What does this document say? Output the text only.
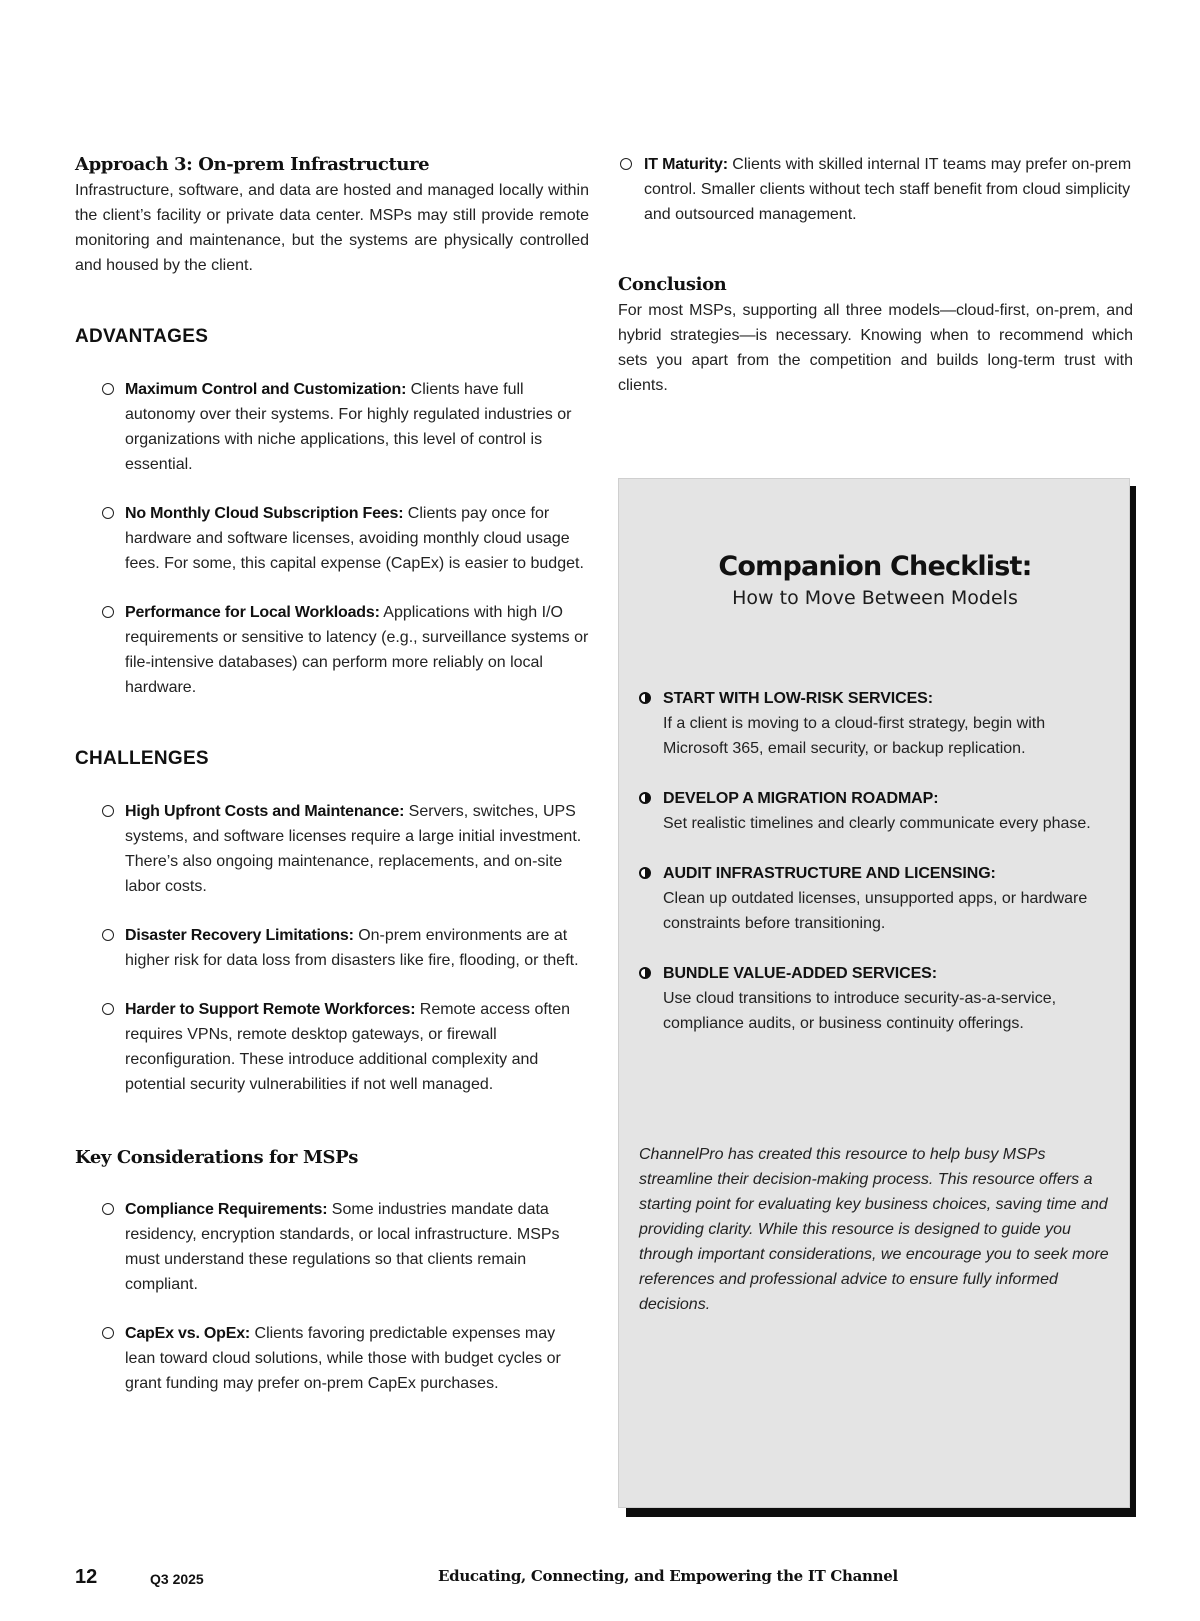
Approach 3: On-prem Infrastructure

Infrastructure, software, and data are hosted and managed locally within the client’s facility or private data center. MSPs may still provide remote monitoring and maintenance, but the systems are physically controlled and housed by the client.

ADVANTAGES
Maximum Control and Customization: Clients have full autonomy over their systems. For highly regulated industries or organizations with niche applications, this level of control is essential.
No Monthly Cloud Subscription Fees: Clients pay once for hardware and software licenses, avoiding monthly cloud usage fees. For some, this capital expense (CapEx) is easier to budget.
Performance for Local Workloads: Applications with high I/O requirements or sensitive to latency (e.g., surveillance systems or file-intensive databases) can perform more reliably on local hardware.
CHALLENGES
High Upfront Costs and Maintenance: Servers, switches, UPS systems, and software licenses require a large initial investment. There’s also ongoing maintenance, replacements, and on-site labor costs.
Disaster Recovery Limitations: On-prem environments are at higher risk for data loss from disasters like fire, flooding, or theft.
Harder to Support Remote Workforces: Remote access often requires VPNs, remote desktop gateways, or firewall reconfiguration. These introduce additional complexity and potential security vulnerabilities if not well managed.
Key Considerations for MSPs
Compliance Requirements: Some industries mandate data residency, encryption standards, or local infrastructure. MSPs must understand these regulations so that clients remain compliant.
CapEx vs. OpEx: Clients favoring predictable expenses may lean toward cloud solutions, while those with budget cycles or grant funding may prefer on-prem CapEx purchases.
IT Maturity: Clients with skilled internal IT teams may prefer on-prem control. Smaller clients without tech staff benefit from cloud simplicity and outsourced management.
Conclusion

For most MSPs, supporting all three models—cloud-first, on-prem, and hybrid strategies—is necessary. Knowing when to recommend which sets you apart from the competition and builds long-term trust with clients.

Companion Checklist:
How to Move Between Models
START WITH LOW-RISK SERVICES:
If a client is moving to a cloud-first strategy, begin with Microsoft 365, email security, or backup replication.
DEVELOP A MIGRATION ROADMAP:
Set realistic timelines and clearly communicate every phase.
AUDIT INFRASTRUCTURE AND LICENSING:
Clean up outdated licenses, unsupported apps, or hardware constraints before transitioning.
BUNDLE VALUE-ADDED SERVICES:
Use cloud transitions to introduce security-as-a-service, compliance audits, or business continuity offerings.

ChannelPro has created this resource to help busy MSPs streamline their decision-making process. This resource offers a starting point for evaluating key business choices, saving time and providing clarity. While this resource is designed to guide you through important considerations, we encourage you to seek more references and professional advice to ensure fully informed decisions.

12	Q3 2025	Educating, Connecting, and Empowering the IT Channel
